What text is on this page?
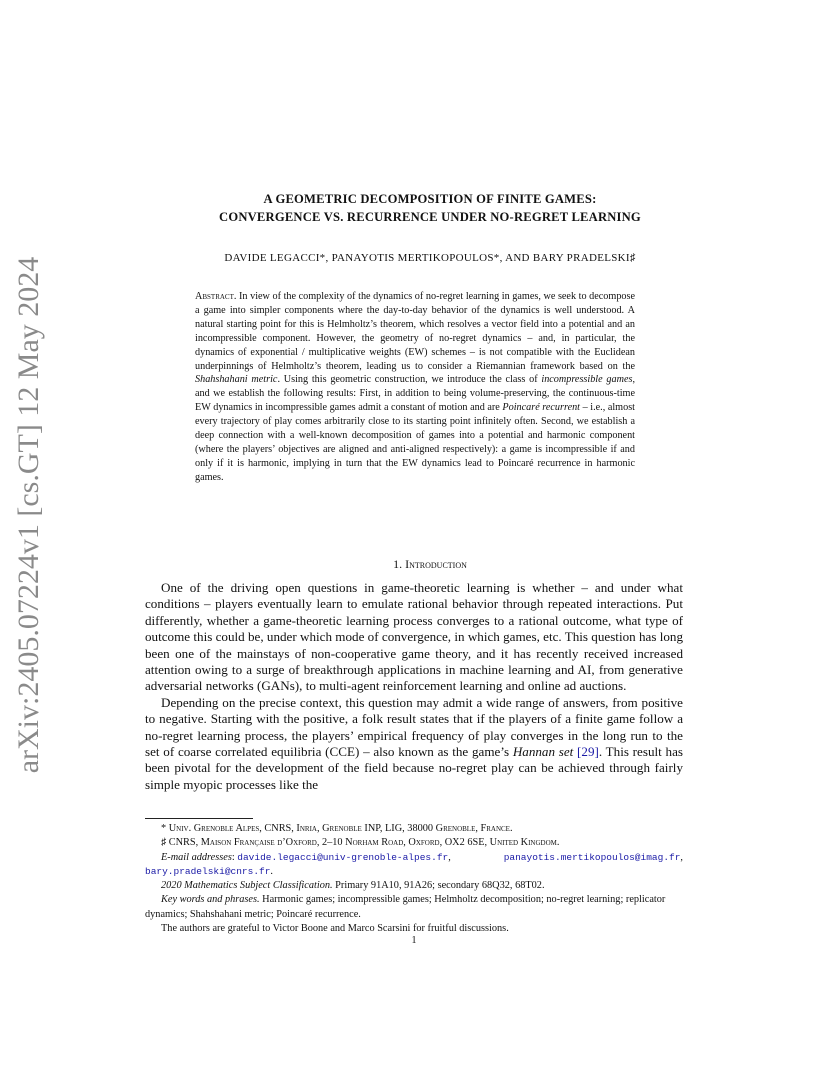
arXiv:2405.07224v1 [cs.GT] 12 May 2024
A GEOMETRIC DECOMPOSITION OF FINITE GAMES:
CONVERGENCE VS. RECURRENCE UNDER NO-REGRET LEARNING
DAVIDE LEGACCI*, PANAYOTIS MERTIKOPOULOS*, AND BARY PRADELSKI♯
Abstract. In view of the complexity of the dynamics of no-regret learning in games, we seek to decompose a game into simpler components where the day-to-day behavior of the dynamics is well understood. A natural starting point for this is Helmholtz’s theorem, which resolves a vector field into a potential and an incompressible component. However, the geometry of no-regret dynamics – and, in particular, the dynamics of exponential / multiplicative weights (EW) schemes – is not compatible with the Euclidean underpinnings of Helmholtz’s theorem, leading us to consider a Riemannian framework based on the Shahshahani metric. Using this geometric construction, we introduce the class of incompressible games, and we establish the following results: First, in addition to being volume-preserving, the continuous-time EW dynamics in incompressible games admit a constant of motion and are Poincaré recurrent – i.e., almost every trajectory of play comes arbitrarily close to its starting point infinitely often. Second, we establish a deep connection with a well-known decomposition of games into a potential and harmonic component (where the players’ objectives are aligned and anti-aligned respectively): a game is incompressible if and only if it is harmonic, implying in turn that the EW dynamics lead to Poincaré recurrence in harmonic games.
1. Introduction

One of the driving open questions in game-theoretic learning is whether – and under what conditions – players eventually learn to emulate rational behavior through repeated interactions. Put differently, whether a game-theoretic learning process converges to a rational outcome, what type of outcome this could be, under which mode of convergence, in which games, etc. This question has long been one of the mainstays of non-cooperative game theory, and it has recently received increased attention owing to a surge of breakthrough applications in machine learning and AI, from generative adversarial networks (GANs), to multi-agent reinforcement learning and online ad auctions.

Depending on the precise context, this question may admit a wide range of answers, from positive to negative. Starting with the positive, a folk result states that if the players of a finite game follow a no-regret learning process, the players’ empirical frequency of play converges in the long run to the set of coarse correlated equilibria (CCE) – also known as the game’s Hannan set [29]. This result has been pivotal for the development of the field because no-regret play can be achieved through fairly simple myopic processes like the

* Univ. Grenoble Alpes, CNRS, Inria, Grenoble INP, LIG, 38000 Grenoble, France.

♯ CNRS, Maison Française d’Oxford, 2–10 Norham Road, Oxford, OX2 6SE, United Kingdom.

E-mail addresses: davide.legacci@univ-grenoble-alpes.fr,	panayotis.mertikopoulos@imag.fr,

bary.pradelski@cnrs.fr.

2020 Mathematics Subject Classification. Primary 91A10, 91A26; secondary 68Q32, 68T02.

Key words and phrases. Harmonic games; incompressible games; Helmholtz decomposition; no-regret learning; replicator dynamics; Shahshahani metric; Poincaré recurrence.

The authors are grateful to Victor Boone and Marco Scarsini for fruitful discussions.

1
